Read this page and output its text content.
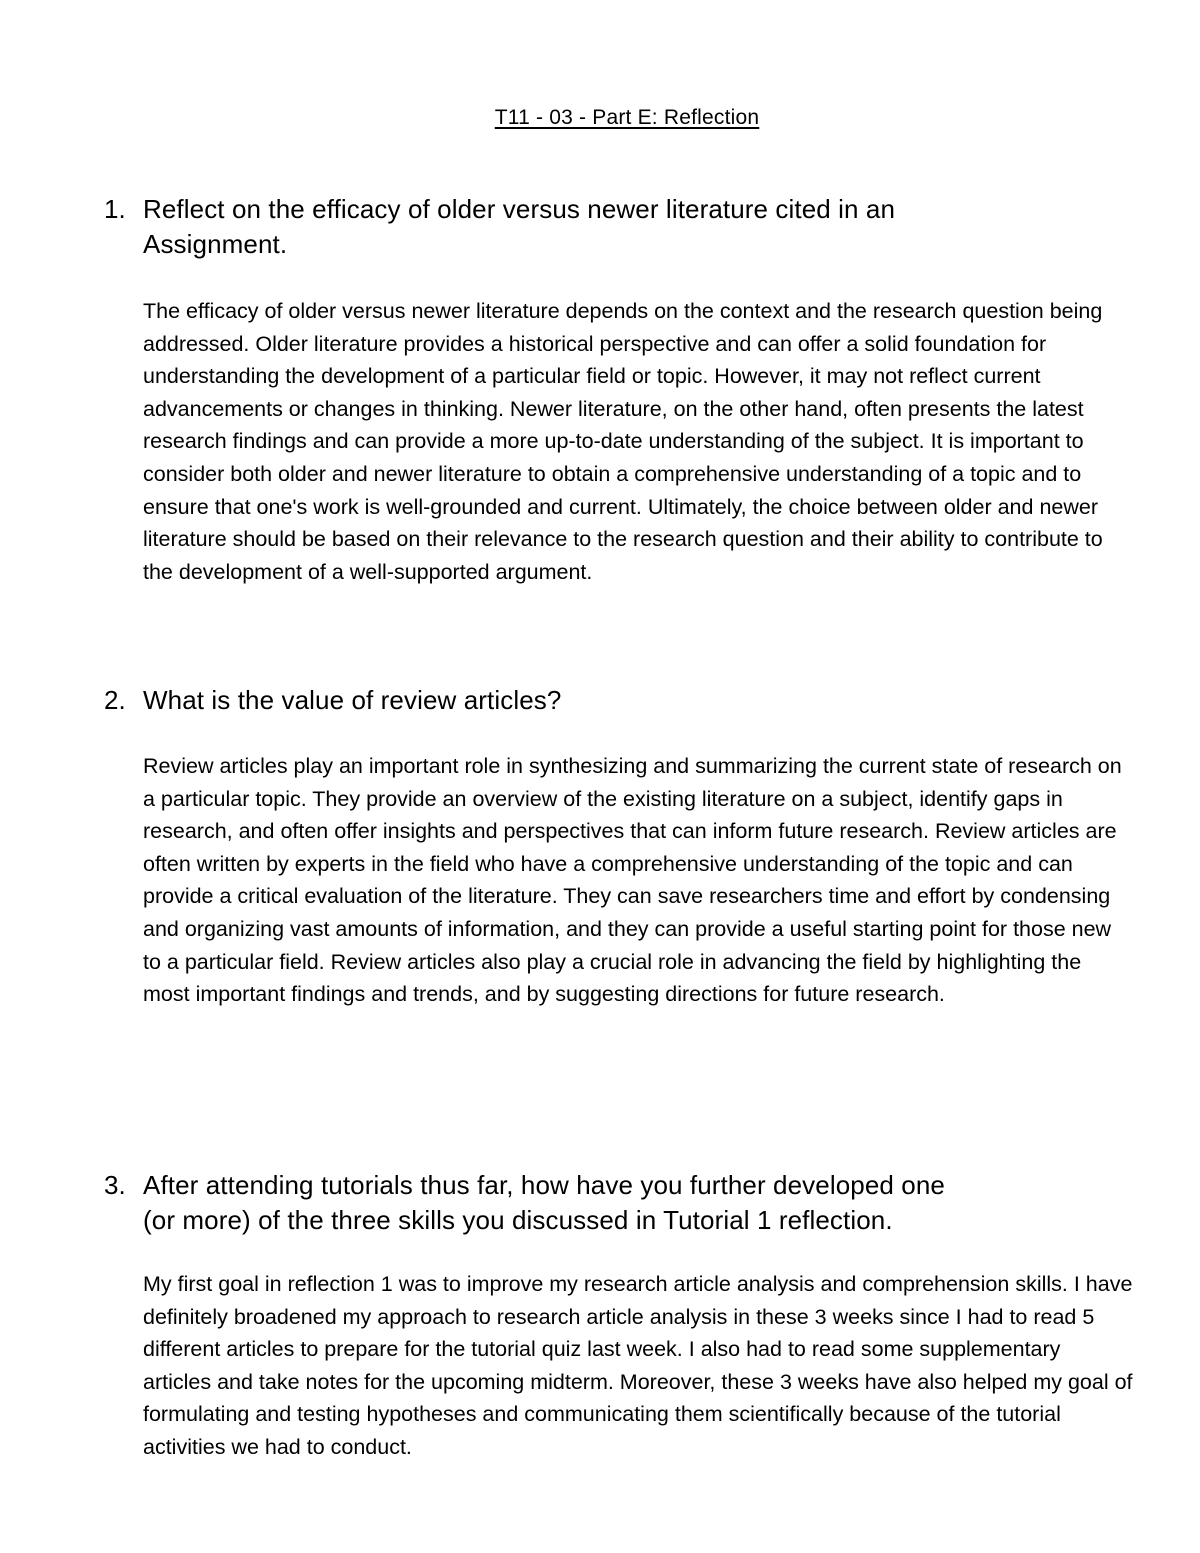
T11 - 03 - Part E: Reflection
1. Reflect on the efficacy of older versus newer literature cited in an Assignment.

The efficacy of older versus newer literature depends on the context and the research question being addressed. Older literature provides a historical perspective and can offer a solid foundation for understanding the development of a particular field or topic. However, it may not reflect current advancements or changes in thinking. Newer literature, on the other hand, often presents the latest research findings and can provide a more up-to-date understanding of the subject. It is important to consider both older and newer literature to obtain a comprehensive understanding of a topic and to ensure that one's work is well-grounded and current. Ultimately, the choice between older and newer literature should be based on their relevance to the research question and their ability to contribute to the development of a well-supported argument.

2. What is the value of review articles?

Review articles play an important role in synthesizing and summarizing the current state of research on a particular topic. They provide an overview of the existing literature on a subject, identify gaps in research, and often offer insights and perspectives that can inform future research. Review articles are often written by experts in the field who have a comprehensive understanding of the topic and can provide a critical evaluation of the literature. They can save researchers time and effort by condensing and organizing vast amounts of information, and they can provide a useful starting point for those new to a particular field. Review articles also play a crucial role in advancing the field by highlighting the most important findings and trends, and by suggesting directions for future research.

3. After attending tutorials thus far, how have you further developed one (or more) of the three skills you discussed in Tutorial 1 reflection.

My first goal in reflection 1 was to improve my research article analysis and comprehension skills. I have definitely broadened my approach to research article analysis in these 3 weeks since I had to read 5 different articles to prepare for the tutorial quiz last week. I also had to read some supplementary articles and take notes for the upcoming midterm. Moreover, these 3 weeks have also helped my goal of formulating and testing hypotheses and communicating them scientifically because of the tutorial activities we had to conduct.
